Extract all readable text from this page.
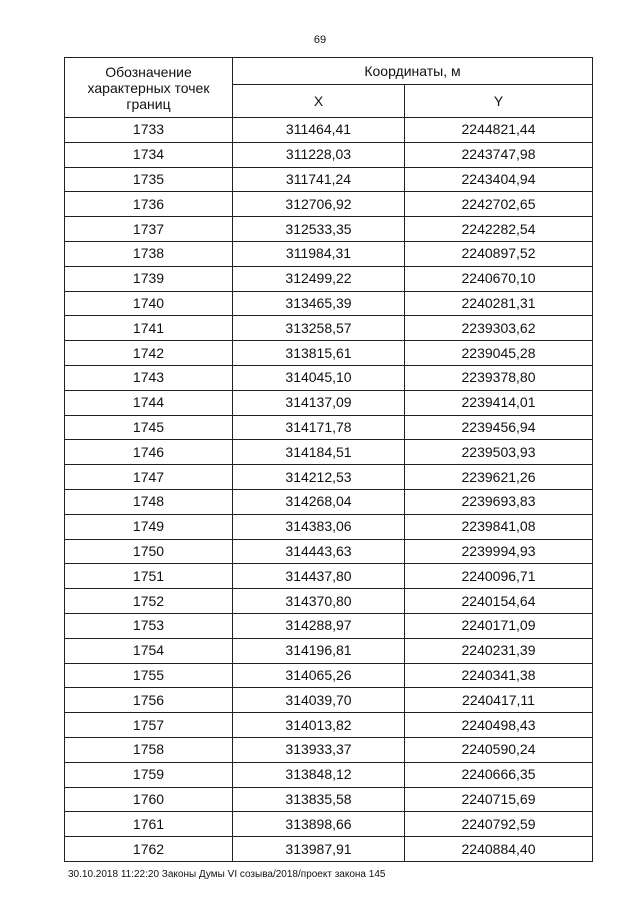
69
Обозначение характерных точек границ	Координаты, м	
	X	Y
1733	311464,41	2244821,44
1734	311228,03	2243747,98
1735	311741,24	2243404,94
1736	312706,92	2242702,65
1737	312533,35	2242282,54
1738	311984,31	2240897,52
1739	312499,22	2240670,10
1740	313465,39	2240281,31
1741	313258,57	2239303,62
1742	313815,61	2239045,28
1743	314045,10	2239378,80
1744	314137,09	2239414,01
1745	314171,78	2239456,94
1746	314184,51	2239503,93
1747	314212,53	2239621,26
1748	314268,04	2239693,83
1749	314383,06	2239841,08
1750	314443,63	2239994,93
1751	314437,80	2240096,71
1752	314370,80	2240154,64
1753	314288,97	2240171,09
1754	314196,81	2240231,39
1755	314065,26	2240341,38
1756	314039,70	2240417,11
1757	314013,82	2240498,43
1758	313933,37	2240590,24
1759	313848,12	2240666,35
1760	313835,58	2240715,69
1761	313898,66	2240792,59
1762	313987,91	2240884,40
30.10.2018 11:22:20 Законы Думы VI созыва/2018/проект закона 145
